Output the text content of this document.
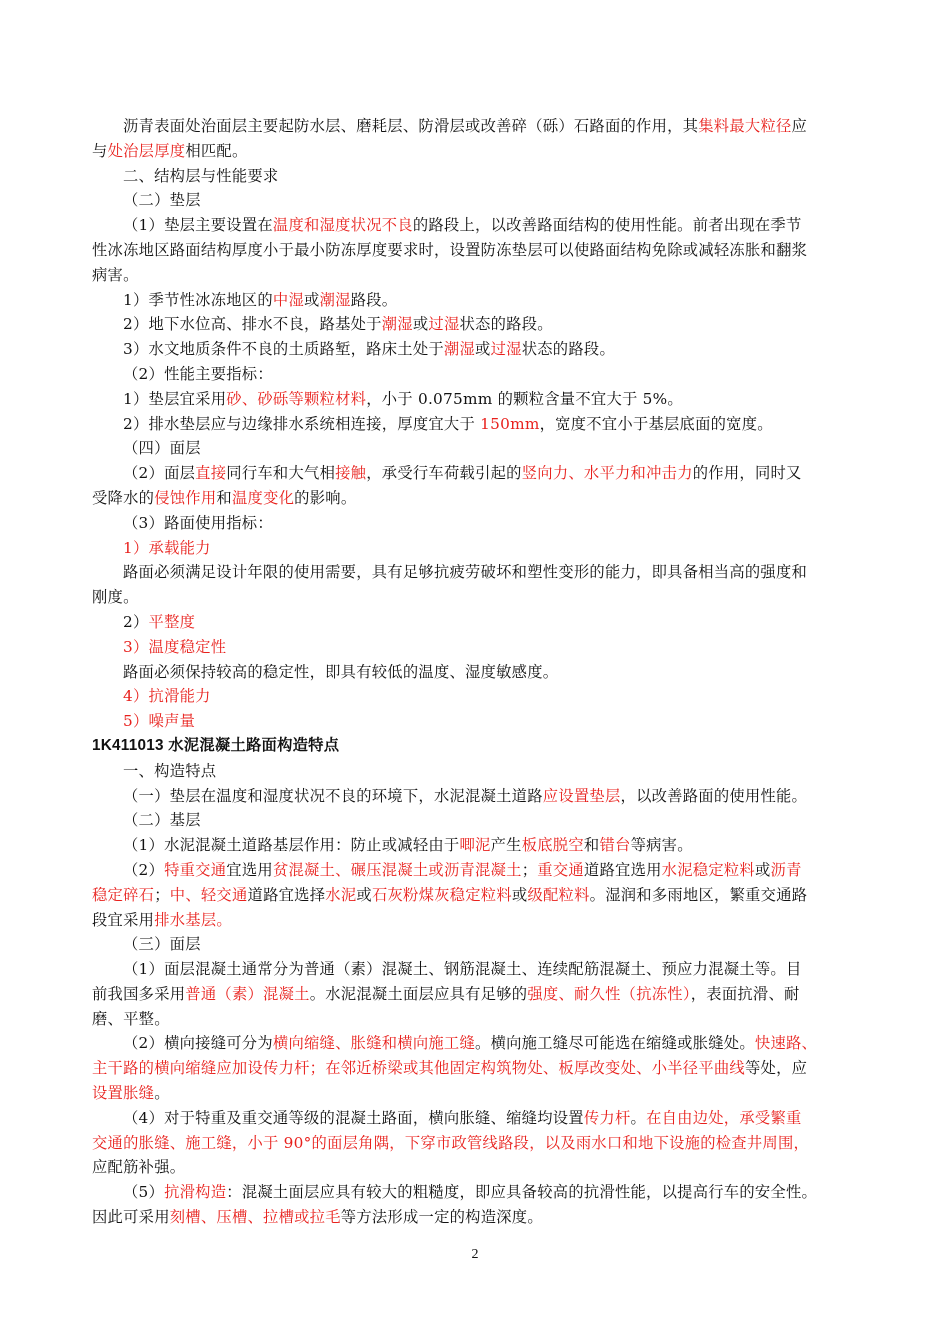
沥青表面处治面层主要起防水层、磨耗层、防滑层或改善碎（砾）石路面的作用，其集料最大粒径应
与处治层厚度相匹配。
二、结构层与性能要求
（二）垫层
（1）垫层主要设置在温度和湿度状况不良的路段上，以改善路面结构的使用性能。前者出现在季节
性冰冻地区路面结构厚度小于最小防冻厚度要求时，设置防冻垫层可以使路面结构免除或减轻冻胀和翻浆
病害。
1）季节性冰冻地区的中湿或潮湿路段。
2）地下水位高、排水不良，路基处于潮湿或过湿状态的路段。
3）水文地质条件不良的土质路堑，路床土处于潮湿或过湿状态的路段。
（2）性能主要指标：
1）垫层宜采用砂、砂砾等颗粒材料，小于 0.075mm 的颗粒含量不宜大于 5%。
2）排水垫层应与边缘排水系统相连接，厚度宜大于 150mm，宽度不宜小于基层底面的宽度。
（四）面层
（2）面层直接同行车和大气相接触，承受行车荷载引起的竖向力、水平力和冲击力的作用，同时又
受降水的侵蚀作用和温度变化的影响。
（3）路面使用指标：
1）承载能力
路面必须满足设计年限的使用需要，具有足够抗疲劳破坏和塑性变形的能力，即具备相当高的强度和
刚度。
2）平整度
3）温度稳定性
路面必须保持较高的稳定性，即具有较低的温度、湿度敏感度。
4）抗滑能力
5）噪声量
1K411013 水泥混凝土路面构造特点
一、构造特点
（一）垫层在温度和湿度状况不良的环境下，水泥混凝土道路应设置垫层，以改善路面的使用性能。
（二）基层
（1）水泥混凝土道路基层作用：防止或减轻由于唧泥产生板底脱空和错台等病害。
（2）特重交通宜选用贫混凝土、碾压混凝土或沥青混凝土；重交通道路宜选用水泥稳定粒料或沥青
稳定碎石；中、轻交通道路宜选择水泥或石灰粉煤灰稳定粒料或级配粒料。湿润和多雨地区，繁重交通路
段宜采用排水基层。
（三）面层
（1）面层混凝土通常分为普通（素）混凝土、钢筋混凝土、连续配筋混凝土、预应力混凝土等。目
前我国多采用普通（素）混凝土。水泥混凝土面层应具有足够的强度、耐久性（抗冻性），表面抗滑、耐
磨、平整。
（2）横向接缝可分为横向缩缝、胀缝和横向施工缝。横向施工缝尽可能选在缩缝或胀缝处。快速路、
主干路的横向缩缝应加设传力杆；在邻近桥梁或其他固定构筑物处、板厚改变处、小半径平曲线等处，应
设置胀缝。
（4）对于特重及重交通等级的混凝土路面，横向胀缝、缩缝均设置传力杆。在自由边处，承受繁重
交通的胀缝、施工缝，小于 90°的面层角隅，下穿市政管线路段，以及雨水口和地下设施的检查井周围，
应配筋补强。
（5）抗滑构造：混凝土面层应具有较大的粗糙度，即应具备较高的抗滑性能，以提高行车的安全性。
因此可采用刻槽、压槽、拉槽或拉毛等方法形成一定的构造深度。
2
